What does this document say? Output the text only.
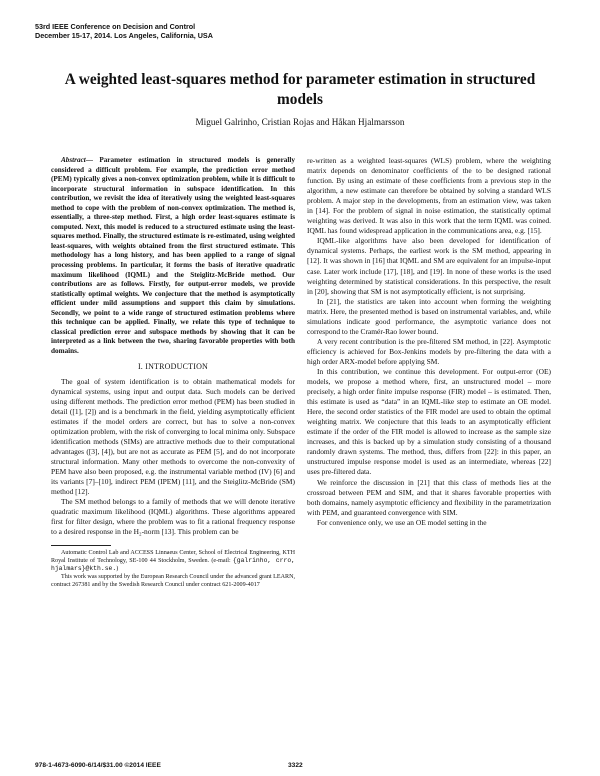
53rd IEEE Conference on Decision and Control
December 15-17, 2014. Los Angeles, California, USA
A weighted least-squares method for parameter estimation in structured models
Miguel Galrinho, Cristian Rojas and Håkan Hjalmarsson

Abstract— Parameter estimation in structured models is generally considered a difficult problem. For example, the prediction error method (PEM) typically gives a non-convex optimization problem, while it is difficult to incorporate structural information in subspace identification. In this contribution, we revisit the idea of iteratively using the weighted least-squares method to cope with the problem of non-convex optimization. The method is, essentially, a three-step method. First, a high order least-squares estimate is computed. Next, this model is reduced to a structured estimate using the least-squares method. Finally, the structured estimate is re-estimated, using weighted least-squares, with weights obtained from the first structured estimate. This methodology has a long history, and has been applied to a range of signal processing problems. In particular, it forms the basis of iterative quadratic maximum likelihood (IQML) and the Steiglitz-McBride method. Our contributions are as follows. Firstly, for output-error models, we provide statistically optimal weights. We conjecture that the method is asymptotically efficient under mild assumptions and support this claim by simulations. Secondly, we point to a wide range of structured estimation problems where this technique can be applied. Finally, we relate this type of technique to classical prediction error and subspace methods by showing that it can be interpreted as a link between the two, sharing favorable properties with both domains.

I. INTRODUCTION

The goal of system identification is to obtain mathematical models for dynamical systems, using input and output data. Such models can be derived using different methods. The prediction error method (PEM) has been studied in detail ([1], [2]) and is a benchmark in the field, yielding asymptotically efficient estimates if the model orders are correct, but has to solve a non-convex optimization problem, with the risk of converging to local minima only. Subspace identification methods (SIMs) are attractive methods due to their computational advantages ([3], [4]), but are not as accurate as PEM [5], and do not incorporate structural information. Many other methods to overcome the non-convexity of PEM have also been proposed, e.g. the instrumental variable method (IV) [6] and its variants [7]–[10], indirect PEM (IPEM) [11], and the Steiglitz-McBride (SM) method [12].

The SM method belongs to a family of methods that we will denote iterative quadratic maximum likelihood (IQML) algorithms. These algorithms appeared first for filter design, where the problem was to fit a rational frequency response to a desired response in the H₂-norm [13]. This problem can be

Automatic Control Lab and ACCESS Linnaeus Center, School of Electrical Engineering, KTH Royal Institute of Technology, SE-100 44 Stockholm, Sweden. (e-mail: {galrinho, crro, hjalmars}@kth.se.)

This work was supported by the European Research Council under the advanced grant LEARN, contract 267381 and by the Swedish Research Council under contract 621-2009-4017

re-written as a weighted least-squares (WLS) problem, where the weighting matrix depends on denominator coefficients of the to be designed rational function. By using an estimate of these coefficients from a previous step in the algorithm, a new estimate can therefore be obtained by solving a standard WLS problem. A major step in the developments, from an estimation view, was taken in [14]. For the problem of signal in noise estimation, the statistically optimal weighting was derived. It was also in this work that the term IQML was coined. IQML has found widespread application in the communications area, e.g. [15].

IQML-like algorithms have also been developed for identification of dynamical systems. Perhaps, the earliest work is the SM method, appearing in [12]. It was shown in [16] that IQML and SM are equivalent for an impulse-input case. Later work include [17], [18], and [19]. In none of these works is the used weighting determined by statistical considerations. In this perspective, the result in [20], showing that SM is not asymptotically efficient, is not surprising.

In [21], the statistics are taken into account when forming the weighting matrix. Here, the presented method is based on instrumental variables, and, while simulations indicate good performance, the asymptotic variance does not correspond to the Cramér-Rao lower bound.

A very recent contribution is the pre-filtered SM method, in [22]. Asymptotic efficiency is achieved for Box-Jenkins models by pre-filtering the data with a high order ARX-model before applying SM.

In this contribution, we continue this development. For output-error (OE) models, we propose a method where, first, an unstructured model – more precisely, a high order finite impulse response (FIR) model – is estimated. Then, this estimate is used as “data” in an IQML-like step to estimate an OE model. Here, the second order statistics of the FIR model are used to obtain the optimal weighting matrix. We conjecture that this leads to an asymptotically efficient estimate if the order of the FIR model is allowed to increase as the sample size increases, and this is backed up by a simulation study consisting of a thousand randomly drawn systems. The method, thus, differs from [22]: in this paper, an unstructured impulse response model is used as an intermediate, whereas [22] uses pre-filtered data.

We reinforce the discussion in [21] that this class of methods lies at the crossroad between PEM and SIM, and that it shares favorable properties with both domains, namely asymptotic efficiency and flexibility in the parametrization with PEM, and guaranteed convergence with SIM.

For convenience only, we use an OE model setting in the

978-1-4673-6090-6/14/$31.00 ©2014 IEEE	3322
